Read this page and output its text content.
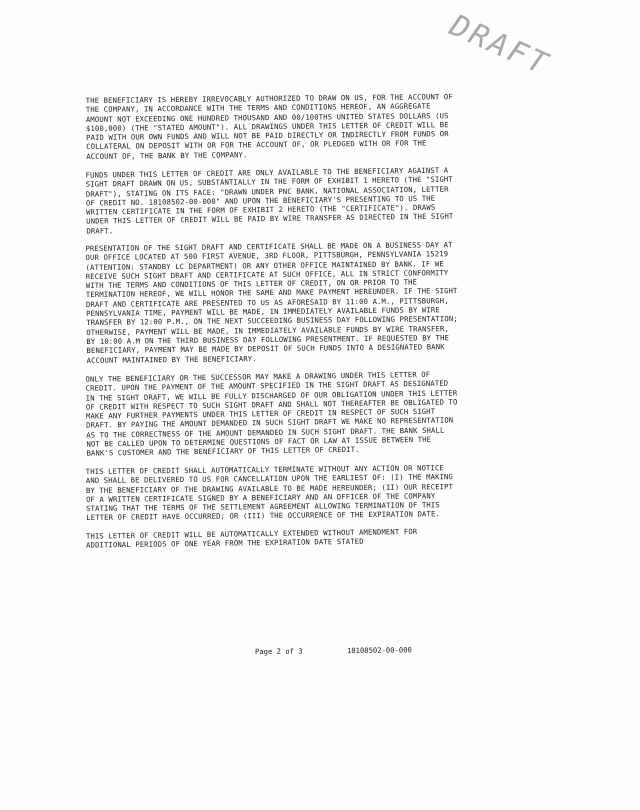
DRAFT

THE BENEFICIARY IS HEREBY IRREVOCABLY AUTHORIZED TO DRAW ON US, FOR THE ACCOUNT OF THE COMPANY, IN ACCORDANCE WITH THE TERMS AND CONDITIONS HEREOF, AN AGGREGATE AMOUNT NOT EXCEEDING ONE HUNDRED THOUSAND AND 00/100THS UNITED STATES DOLLARS (US $100,000) (THE "STATED AMOUNT"). ALL DRAWINGS UNDER THIS LETTER OF CREDIT WILL BE PAID WITH OUR OWN FUNDS AND WILL NOT BE PAID DIRECTLY OR INDIRECTLY FROM FUNDS OR COLLATERAL ON DEPOSIT WITH OR FOR THE ACCOUNT OF, OR PLEDGED WITH OR FOR THE ACCOUNT OF, THE BANK BY THE COMPANY.

FUNDS UNDER THIS LETTER OF CREDIT ARE ONLY AVAILABLE TO THE BENEFICIARY AGAINST A SIGHT DRAFT DRAWN ON US, SUBSTANTIALLY IN THE FORM OF EXHIBIT 1 HERETO (THE "SIGHT DRAFT"), STATING ON ITS FACE: "DRAWN UNDER PNC BANK, NATIONAL ASSOCIATION, LETTER OF CREDIT NO. 18108502-00-000" AND UPON THE BENEFICIARY'S PRESENTING TO US THE WRITTEN CERTIFICATE IN THE FORM OF EXHIBIT 2 HERETO (THE "CERTIFICATE"). DRAWS UNDER THIS LETTER OF CREDIT WILL BE PAID BY WIRE TRANSFER AS DIRECTED IN THE SIGHT DRAFT.

PRESENTATION OF THE SIGHT DRAFT AND CERTIFICATE SHALL BE MADE ON A BUSINESS DAY AT OUR OFFICE LOCATED AT 500 FIRST AVENUE, 3RD FLOOR, PITTSBURGH, PENNSYLVANIA 15219 (ATTENTION: STANDBY LC DEPARTMENT) OR ANY OTHER OFFICE MAINTAINED BY BANK. IF WE RECEIVE SUCH SIGHT DRAFT AND CERTIFICATE AT SUCH OFFICE, ALL IN STRICT CONFORMITY WITH THE TERMS AND CONDITIONS OF THIS LETTER OF CREDIT, ON OR PRIOR TO THE TERMINATION HEREOF, WE WILL HONOR THE SAME AND MAKE PAYMENT HEREUNDER. IF THE SIGHT DRAFT AND CERTIFICATE ARE PRESENTED TO US AS AFORESAID BY 11:00 A.M., PITTSBURGH, PENNSYLVANIA TIME, PAYMENT WILL BE MADE, IN IMMEDIATELY AVAILABLE FUNDS BY WIRE TRANSFER BY 12:00 P.M., ON THE NEXT SUCCEEDING BUSINESS DAY FOLLOWING PRESENTATION; OTHERWISE, PAYMENT WILL BE MADE, IN IMMEDIATELY AVAILABLE FUNDS BY WIRE TRANSFER, BY 10:00 A.M ON THE THIRD BUSINESS DAY FOLLOWING PRESENTMENT. IF REQUESTED BY THE BENEFICIARY, PAYMENT MAY BE MADE BY DEPOSIT OF SUCH FUNDS INTO A DESIGNATED BANK ACCOUNT MAINTAINED BY THE BENEFICIARY.

ONLY THE BENEFICIARY OR THE SUCCESSOR MAY MAKE A DRAWING UNDER THIS LETTER OF CREDIT. UPON THE PAYMENT OF THE AMOUNT SPECIFIED IN THE SIGHT DRAFT AS DESIGNATED IN THE SIGHT DRAFT, WE WILL BE FULLY DISCHARGED OF OUR OBLIGATION UNDER THIS LETTER OF CREDIT WITH RESPECT TO SUCH SIGHT DRAFT AND SHALL NOT THEREAFTER BE OBLIGATED TO MAKE ANY FURTHER PAYMENTS UNDER THIS LETTER OF CREDIT IN RESPECT OF SUCH SIGHT DRAFT. BY PAYING THE AMOUNT DEMANDED IN SUCH SIGHT DRAFT WE MAKE NO REPRESENTATION AS TO THE CORRECTNESS OF THE AMOUNT DEMANDED IN SUCH SIGHT DRAFT. THE BANK SHALL NOT BE CALLED UPON TO DETERMINE QUESTIONS OF FACT OR LAW AT ISSUE BETWEEN THE BANK'S CUSTOMER AND THE BENEFICIARY OF THIS LETTER OF CREDIT.

THIS LETTER OF CREDIT SHALL AUTOMATICALLY TERMINATE WITHOUT ANY ACTION OR NOTICE AND SHALL BE DELIVERED TO US FOR CANCELLATION UPON THE EARLIEST OF: (I) THE MAKING BY THE BENEFICIARY OF THE DRAWING AVAILABLE TO BE MADE HEREUNDER; (II) OUR RECEIPT OF A WRITTEN CERTIFICATE SIGNED BY A BENEFICIARY AND AN OFFICER OF THE COMPANY STATING THAT THE TERMS OF THE SETTLEMENT AGREEMENT ALLOWING TERMINATION OF THIS LETTER OF CREDIT HAVE OCCURRED; OR (III) THE OCCURRENCE OF THE EXPIRATION DATE.

THIS LETTER OF CREDIT WILL BE AUTOMATICALLY EXTENDED WITHOUT AMENDMENT FOR ADDITIONAL PERIODS OF ONE YEAR FROM THE EXPIRATION DATE STATED

Page 2 of 3	18108502-00-000
